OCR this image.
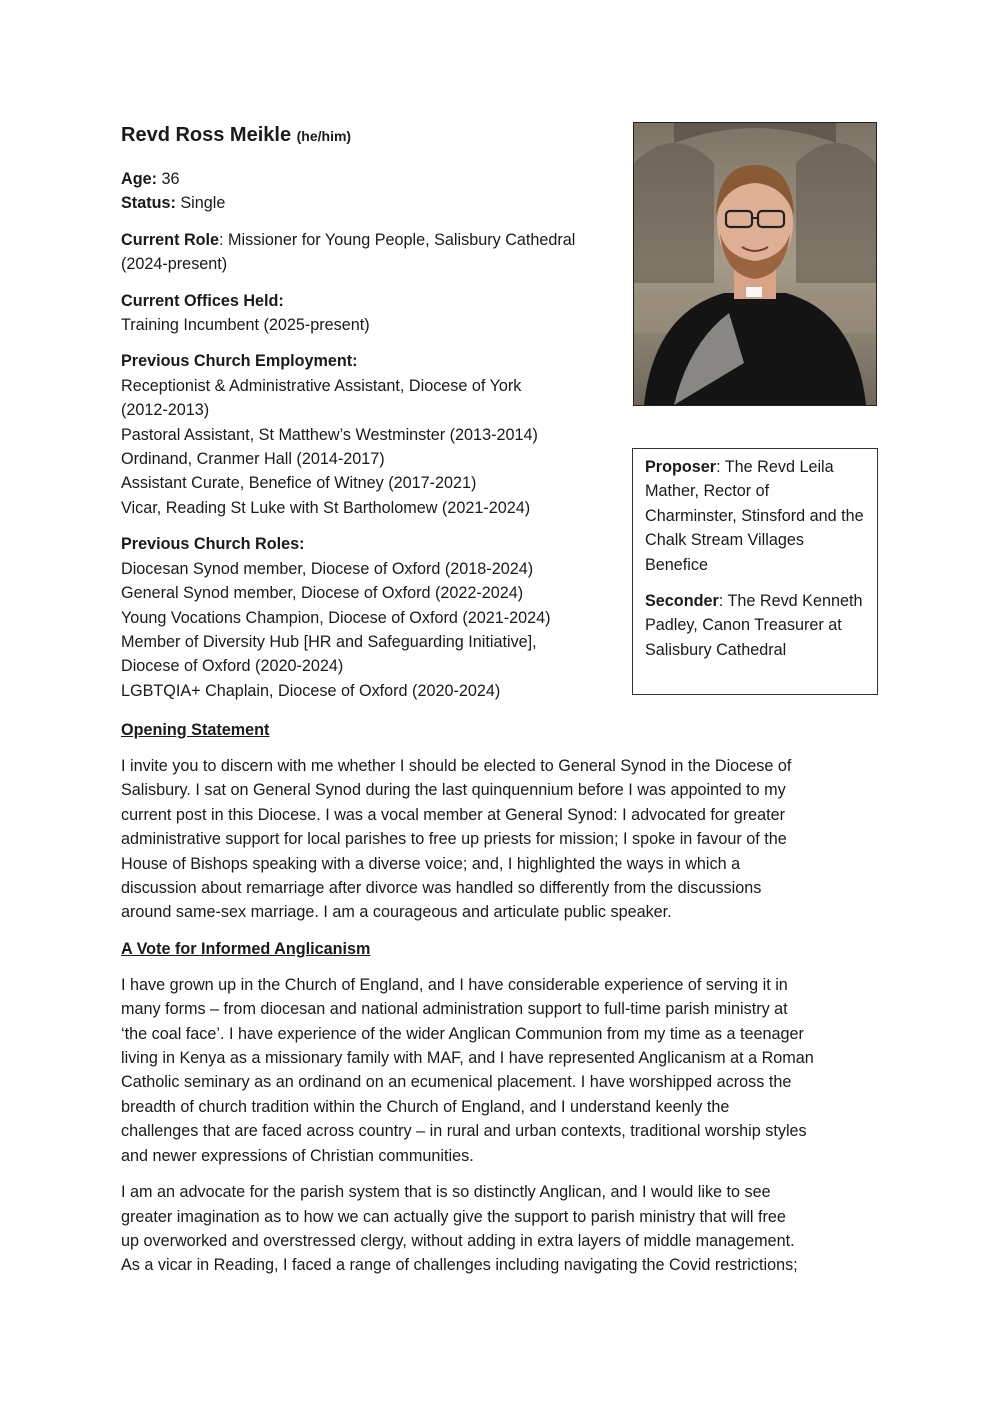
Revd Ross Meikle (he/him)

Age: 36

Status: Single

Current Role: Missioner for Young People, Salisbury Cathedral

(2024-present)

Current Offices Held:

Training Incumbent (2025-present)

Previous Church Employment:

Receptionist & Administrative Assistant, Diocese of York

(2012-2013)

Pastoral Assistant, St Matthew’s Westminster (2013-2014)

Ordinand, Cranmer Hall (2014-2017)

Assistant Curate, Benefice of Witney (2017-2021)

Vicar, Reading St Luke with St Bartholomew (2021-2024)

Previous Church Roles:

Diocesan Synod member, Diocese of Oxford (2018-2024)

General Synod member, Diocese of Oxford (2022-2024)

Young Vocations Champion, Diocese of Oxford (2021-2024)

Member of Diversity Hub [HR and Safeguarding Initiative],

Diocese of Oxford (2020-2024)

LGBTQIA+ Chaplain, Diocese of Oxford (2020-2024)

Proposer: The Revd Leila Mather, Rector of Charminster, Stinsford and the Chalk Stream Villages Benefice

Seconder: The Revd Kenneth Padley, Canon Treasurer at Salisbury Cathedral

Opening Statement

I invite you to discern with me whether I should be elected to General Synod in the Diocese of
Salisbury. I sat on General Synod during the last quinquennium before I was appointed to my
current post in this Diocese. I was a vocal member at General Synod: I advocated for greater
administrative support for local parishes to free up priests for mission; I spoke in favour of the
House of Bishops speaking with a diverse voice; and, I highlighted the ways in which a
discussion about remarriage after divorce was handled so differently from the discussions
around same-sex marriage. I am a courageous and articulate public speaker.

A Vote for Informed Anglicanism

I have grown up in the Church of England, and I have considerable experience of serving it in
many forms – from diocesan and national administration support to full-time parish ministry at
‘the coal face’. I have experience of the wider Anglican Communion from my time as a teenager
living in Kenya as a missionary family with MAF, and I have represented Anglicanism at a Roman
Catholic seminary as an ordinand on an ecumenical placement. I have worshipped across the
breadth of church tradition within the Church of England, and I understand keenly the
challenges that are faced across country – in rural and urban contexts, traditional worship styles
and newer expressions of Christian communities.

I am an advocate for the parish system that is so distinctly Anglican, and I would like to see
greater imagination as to how we can actually give the support to parish ministry that will free
up overworked and overstressed clergy, without adding in extra layers of middle management.
As a vicar in Reading, I faced a range of challenges including navigating the Covid restrictions;
